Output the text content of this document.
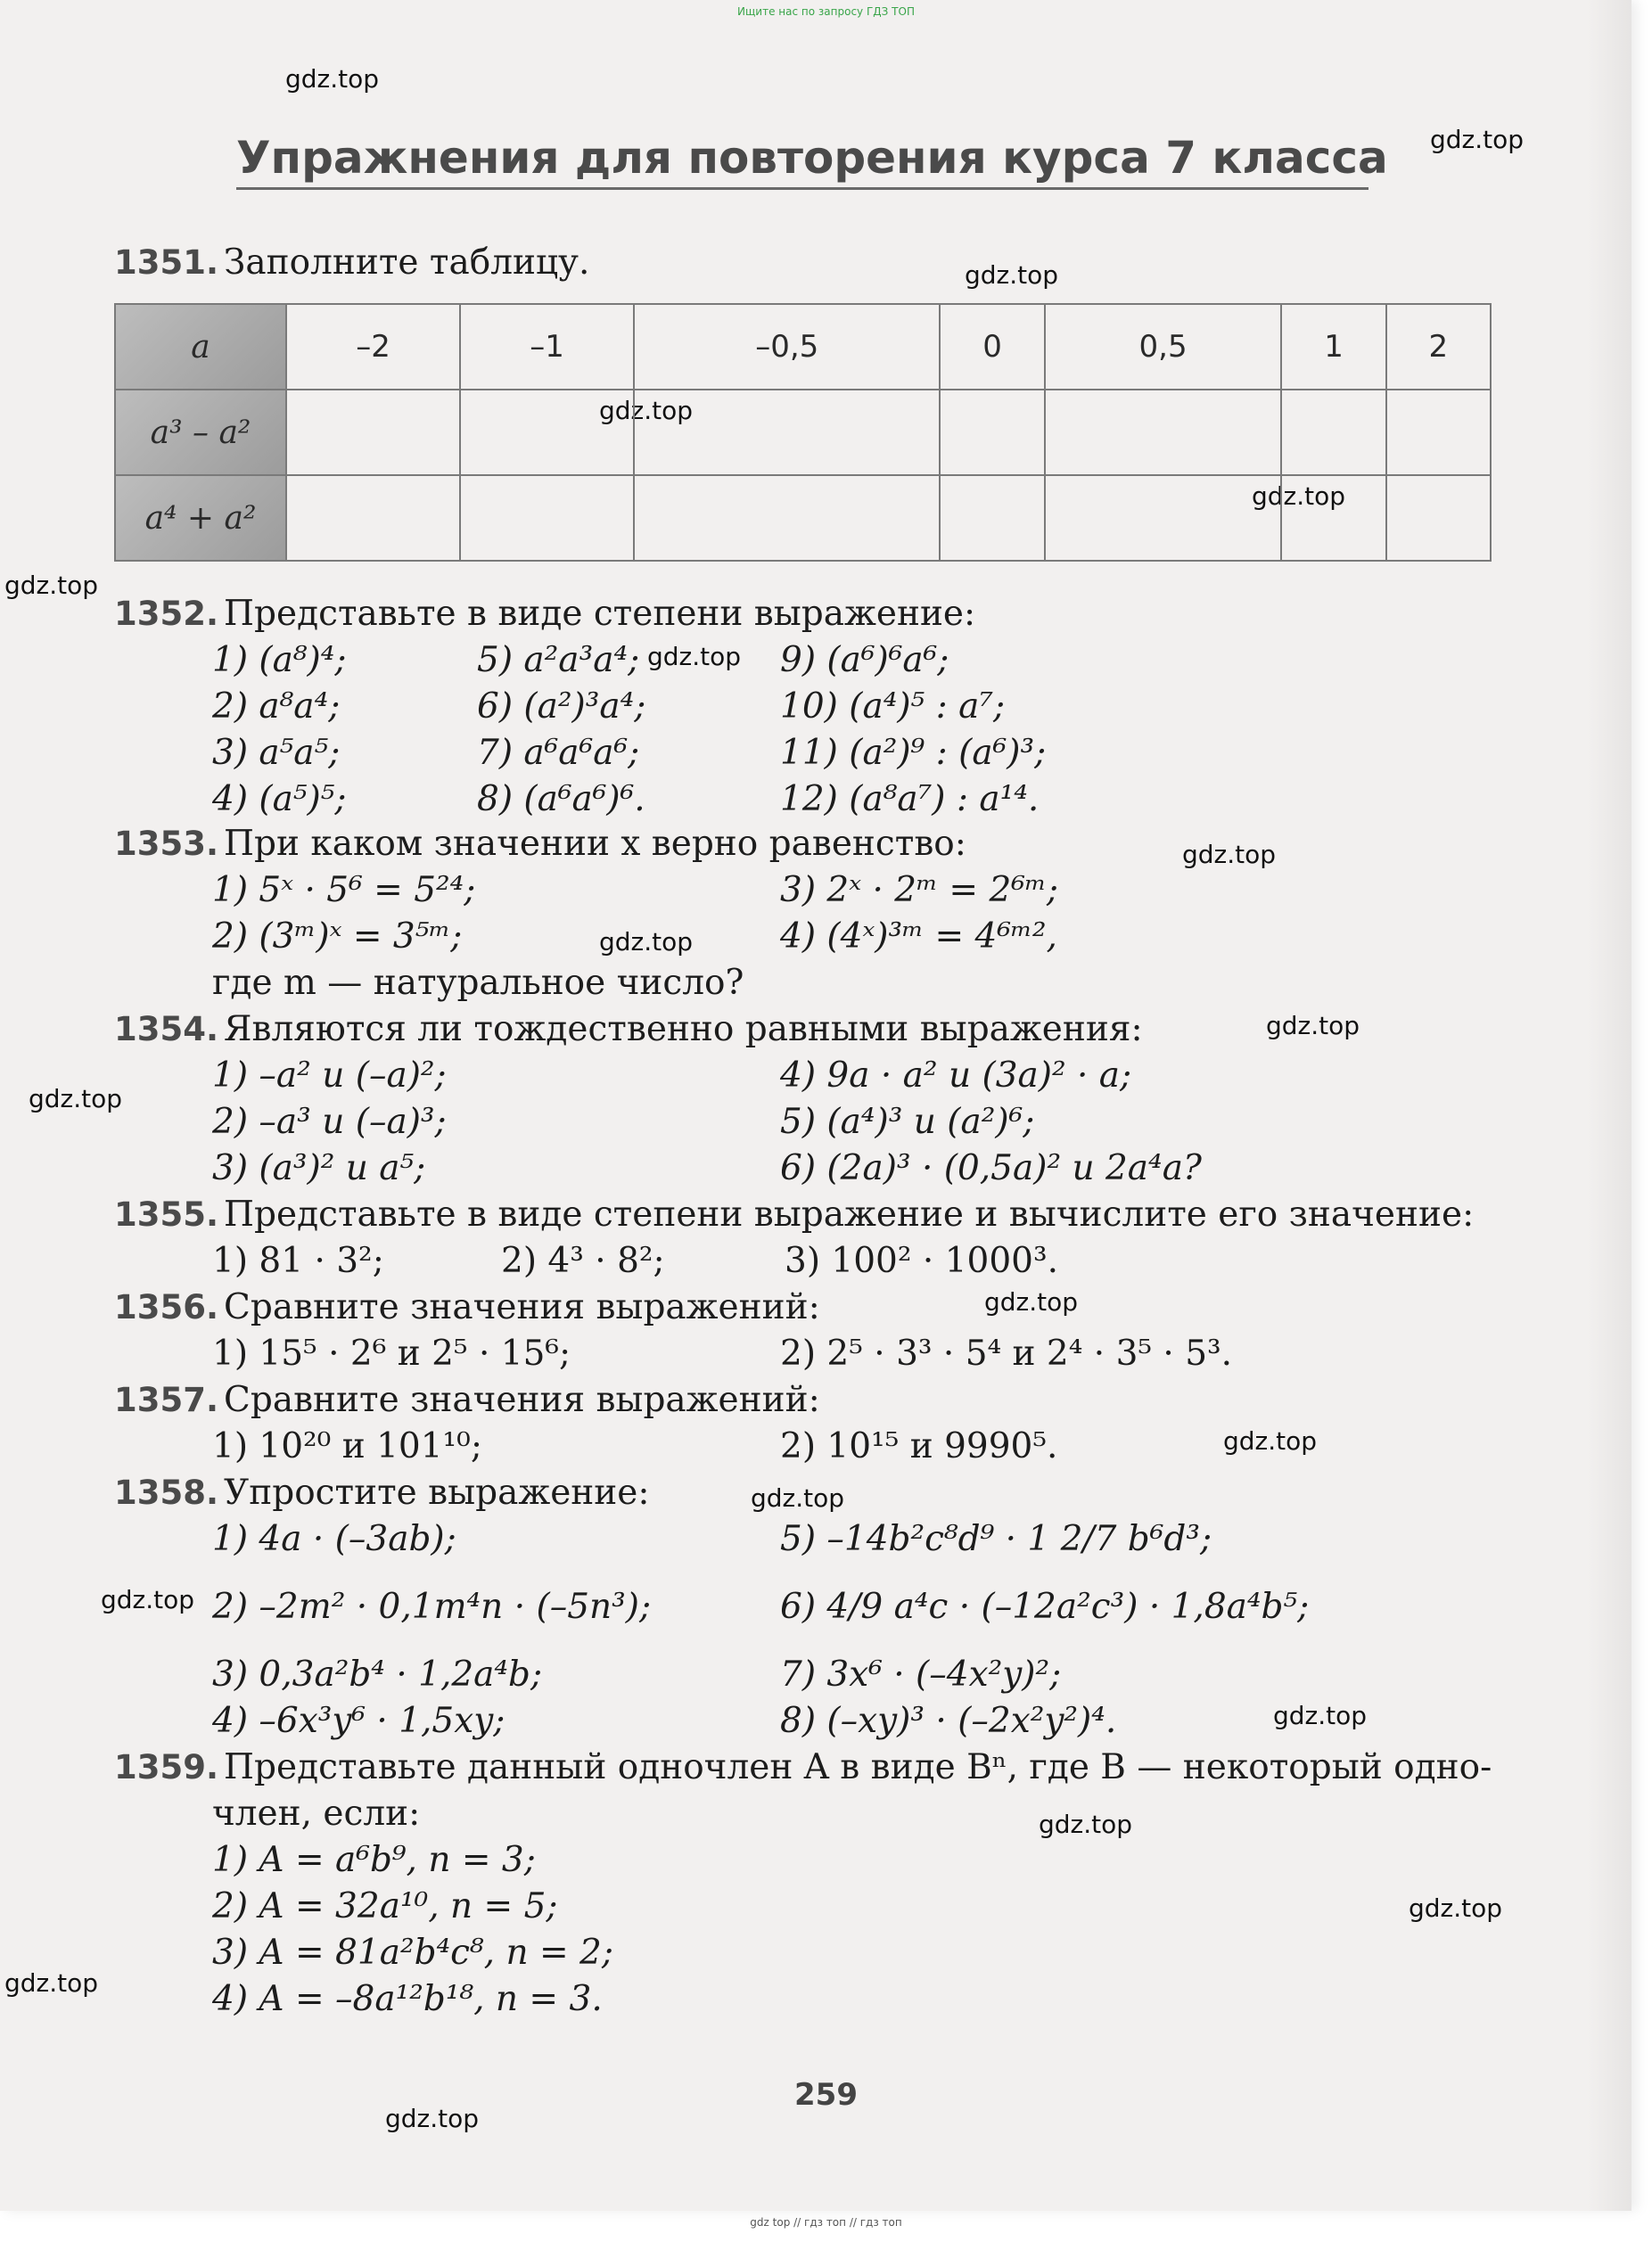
Ищите нас по запросу ГДЗ ТОП
gdz.top
gdz.top
gdz.top
gdz.top
gdz.top
gdz.top
gdz.top
gdz.top
gdz.top
gdz.top
gdz.top
gdz.top
gdz.top
gdz.top
gdz.top
gdz.top
gdz.top
gdz.top
gdz.top
gdz.top
Упражнения для повторения курса 7 класса
1351. Заполните таблицу.
a	–2	–1	–0,5	0	0,5	1	2
a³ – a²							
a⁴ + a²							
1352. Представьте в виде степени выражение:
1) (a⁸)⁴;	5) a²a³a⁴;	9) (a⁶)⁶a⁶;
2) a⁸a⁴;	6) (a²)³a⁴;	10) (a⁴)⁵ : a⁷;
3) a⁵a⁵;	7) a⁶a⁶a⁶;	11) (a²)⁹ : (a⁶)³;
4) (a⁵)⁵;	8) (a⁶a⁶)⁶.	12) (a⁸a⁷) : a¹⁴.
1353. При каком значении x верно равенство:
1) 5ˣ · 5⁶ = 5²⁴;	3) 2ˣ · 2ᵐ = 2⁶ᵐ;
2) (3ᵐ)ˣ = 3⁵ᵐ;	4) (4ˣ)³ᵐ = 4⁶ᵐ²,
где m — натуральное число?
1354. Являются ли тождественно равными выражения:
1) –a² и (–a)²;	4) 9a · a² и (3a)² · a;
2) –a³ и (–a)³;	5) (a⁴)³ и (a²)⁶;
3) (a³)² и a⁵;	6) (2a)³ · (0,5a)² и 2a⁴a?
1355. Представьте в виде степени выражение и вычислите его значение:
1) 81 · 3²;	2) 4³ · 8²;	3) 100² · 1000³.
1356. Сравните значения выражений:
1) 15⁵ · 2⁶ и 2⁵ · 15⁶;	2) 2⁵ · 3³ · 5⁴ и 2⁴ · 3⁵ · 5³.
1357. Сравните значения выражений:
1) 10²⁰ и 101¹⁰;	2) 10¹⁵ и 9990⁵.
1358. Упростите выражение:
1) 4a · (–3ab);	5) –14b²c⁸d⁹ · 1 2/7 b⁶d³;
2) –2m² · 0,1m⁴n · (–5n³);	6) 4/9 a⁴c · (–12a²c³) · 1,8a⁴b⁵;
3) 0,3a²b⁴ · 1,2a⁴b;	7) 3x⁶ · (–4x²y)²;
4) –6x³y⁶ · 1,5xy;	8) (–xy)³ · (–2x²y²)⁴.
1359. Представьте данный одночлен A в виде Bⁿ, где B — некоторый одно-
член, если:
1) A = a⁶b⁹, n = 3;
2) A = 32a¹⁰, n = 5;
3) A = 81a²b⁴c⁸, n = 2;
4) A = –8a¹²b¹⁸, n = 3.
259
gdz top // гдз топ // гдз топ
